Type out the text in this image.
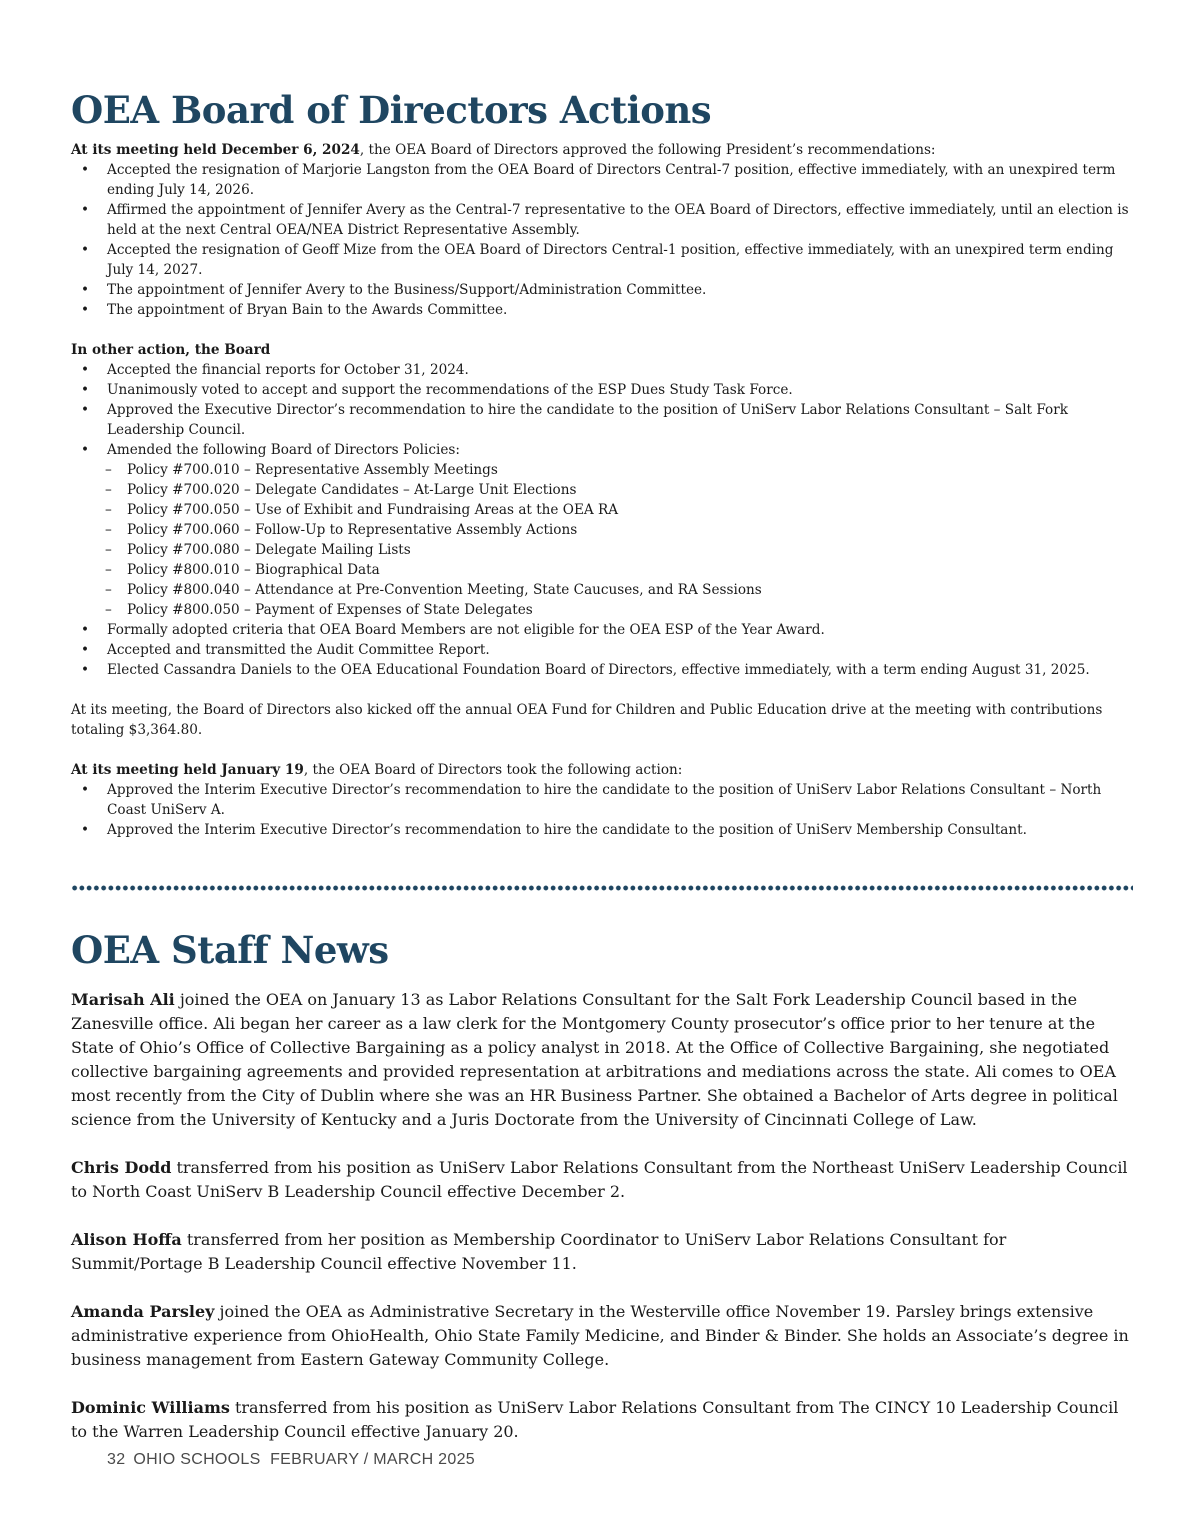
OEA Board of Directors Actions
At its meeting held December 6, 2024, the OEA Board of Directors approved the following President’s recommendations:
• Accepted the resignation of Marjorie Langston from the OEA Board of Directors Central-7 position, effective immediately, with an unexpired term ending July 14, 2026.
• Affirmed the appointment of Jennifer Avery as the Central-7 representative to the OEA Board of Directors, effective immediately, until an election is held at the next Central OEA/NEA District Representative Assembly.
• Accepted the resignation of Geoff Mize from the OEA Board of Directors Central-1 position, effective immediately, with an unexpired term ending July 14, 2027.
• The appointment of Jennifer Avery to the Business/Support/Administration Committee.
• The appointment of Bryan Bain to the Awards Committee.
In other action, the Board
• Accepted the financial reports for October 31, 2024.
• Unanimously voted to accept and support the recommendations of the ESP Dues Study Task Force.
• Approved the Executive Director’s recommendation to hire the candidate to the position of UniServ Labor Relations Consultant – Salt Fork Leadership Council.
• Amended the following Board of Directors Policies:
– Policy #700.010 – Representative Assembly Meetings
– Policy #700.020 – Delegate Candidates – At-Large Unit Elections
– Policy #700.050 – Use of Exhibit and Fundraising Areas at the OEA RA
– Policy #700.060 – Follow-Up to Representative Assembly Actions
– Policy #700.080 – Delegate Mailing Lists
– Policy #800.010 – Biographical Data
– Policy #800.040 – Attendance at Pre-Convention Meeting, State Caucuses, and RA Sessions
– Policy #800.050 – Payment of Expenses of State Delegates
• Formally adopted criteria that OEA Board Members are not eligible for the OEA ESP of the Year Award.
• Accepted and transmitted the Audit Committee Report.
• Elected Cassandra Daniels to the OEA Educational Foundation Board of Directors, effective immediately, with a term ending August 31, 2025.
At its meeting, the Board of Directors also kicked off the annual OEA Fund for Children and Public Education drive at the meeting with contributions totaling $3,364.80.
At its meeting held January 19, the OEA Board of Directors took the following action:
• Approved the Interim Executive Director’s recommendation to hire the candidate to the position of UniServ Labor Relations Consultant – North Coast UniServ A.
• Approved the Interim Executive Director’s recommendation to hire the candidate to the position of UniServ Membership Consultant.
OEA Staff News

Marisah Ali joined the OEA on January 13 as Labor Relations Consultant for the Salt Fork Leadership Council based in the Zanesville office. Ali began her career as a law clerk for the Montgomery County prosecutor’s office prior to her tenure at the State of Ohio’s Office of Collective Bargaining as a policy analyst in 2018. At the Office of Collective Bargaining, she negotiated collective bargaining agreements and provided representation at arbitrations and mediations across the state. Ali comes to OEA most recently from the City of Dublin where she was an HR Business Partner. She obtained a Bachelor of Arts degree in political science from the University of Kentucky and a Juris Doctorate from the University of Cincinnati College of Law.

Chris Dodd transferred from his position as UniServ Labor Relations Consultant from the Northeast UniServ Leadership Council to North Coast UniServ B Leadership Council effective December 2.

Alison Hoffa transferred from her position as Membership Coordinator to UniServ Labor Relations Consultant for Summit/Portage B Leadership Council effective November 11.

Amanda Parsley joined the OEA as Administrative Secretary in the Westerville office November 19. Parsley brings extensive administrative experience from OhioHealth, Ohio State Family Medicine, and Binder & Binder. She holds an Associate’s degree in business management from Eastern Gateway Community College.

Dominic Williams transferred from his position as UniServ Labor Relations Consultant from The CINCY 10 Leadership Council to the Warren Leadership Council effective January 20.

32 OHIO SCHOOLS  FEBRUARY / MARCH 2025
